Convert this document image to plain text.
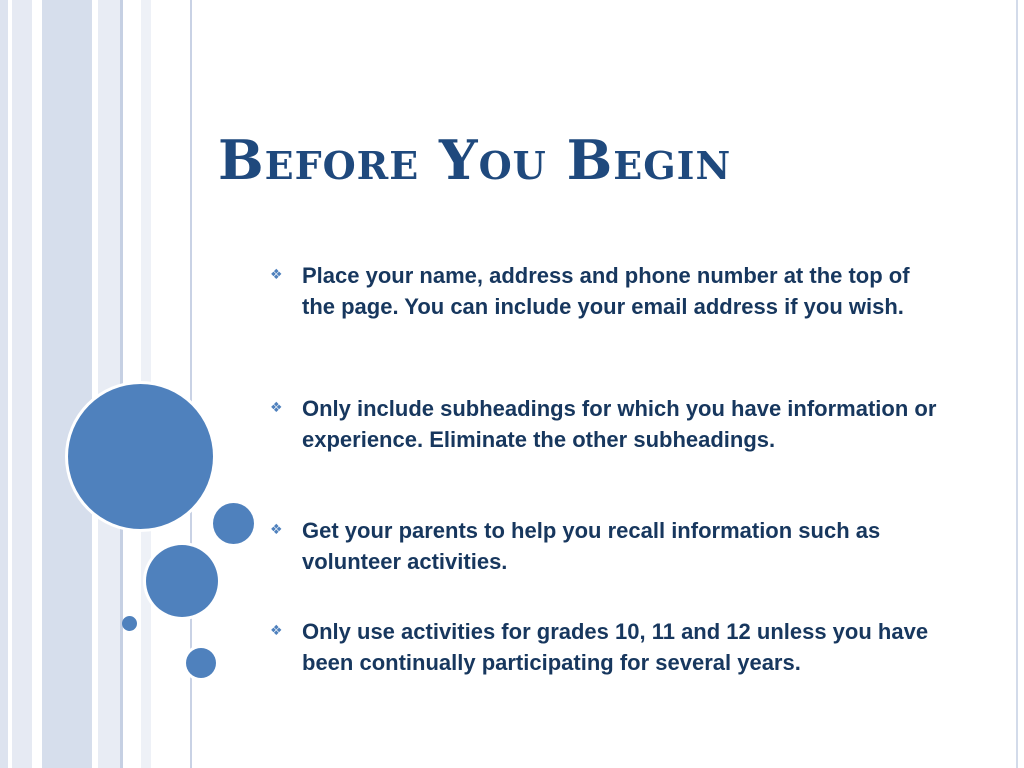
Before You Begin
❖ Place your name, address and phone number at the top of the page. You can include your email address if you wish.
❖ Only include subheadings for which you have information or experience. Eliminate the other subheadings.
❖ Get your parents to help you recall information such as volunteer activities.
❖ Only use activities for grades 10, 11 and 12 unless you have been continually participating for several years.
